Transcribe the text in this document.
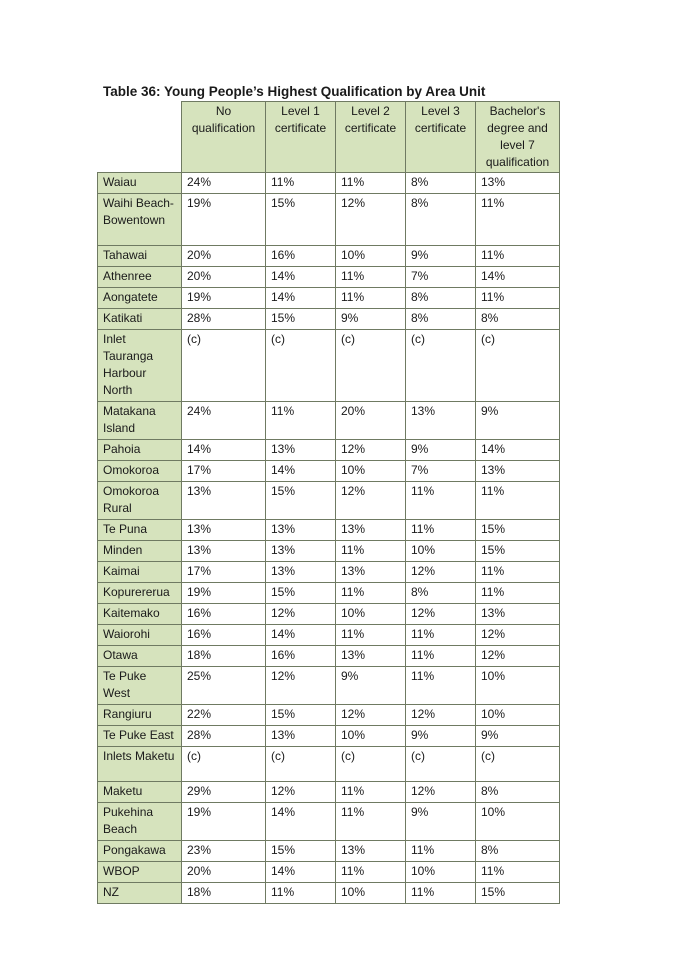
Table 36: Young People’s Highest Qualification by Area Unit
	No qualification	Level 1 certificate	Level 2 certificate	Level 3 certificate	Bachelor's degree and level 7 qualification
Waiau	24%	11%	11%	8%	13%
Waihi Beach-Bowentown	19%	15%	12%	8%	11%
Tahawai	20%	16%	10%	9%	11%
Athenree	20%	14%	11%	7%	14%
Aongatete	19%	14%	11%	8%	11%
Katikati	28%	15%	9%	8%	8%
Inlet Tauranga Harbour North	(c)	(c)	(c)	(c)	(c)
Matakana Island	24%	11%	20%	13%	9%
Pahoia	14%	13%	12%	9%	14%
Omokoroa	17%	14%	10%	7%	13%
Omokoroa Rural	13%	15%	12%	11%	11%
Te Puna	13%	13%	13%	11%	15%
Minden	13%	13%	11%	10%	15%
Kaimai	17%	13%	13%	12%	11%
Kopurererua	19%	15%	11%	8%	11%
Kaitemako	16%	12%	10%	12%	13%
Waiorohi	16%	14%	11%	11%	12%
Otawa	18%	16%	13%	11%	12%
Te Puke West	25%	12%	9%	11%	10%
Rangiuru	22%	15%	12%	12%	10%
Te Puke East	28%	13%	10%	9%	9%
Inlets Maketu	(c)	(c)	(c)	(c)	(c)
Maketu	29%	12%	11%	12%	8%
Pukehina Beach	19%	14%	11%	9%	10%
Pongakawa	23%	15%	13%	11%	8%
WBOP	20%	14%	11%	10%	11%
NZ	18%	11%	10%	11%	15%
